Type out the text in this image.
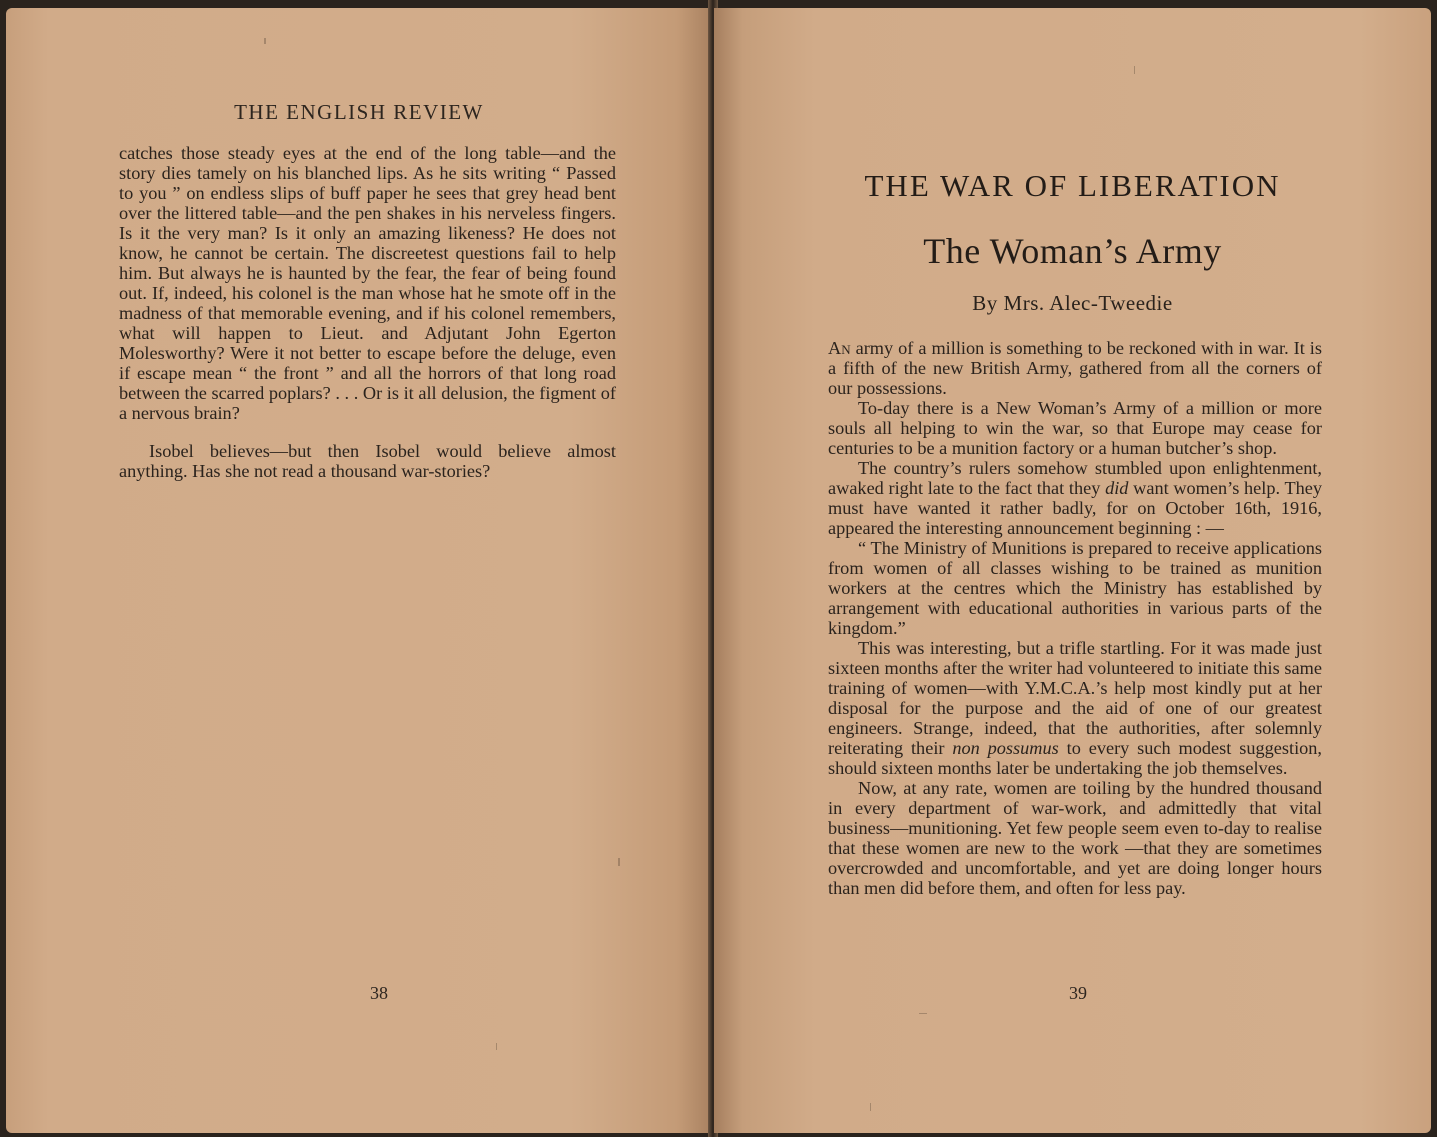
THE ENGLISH REVIEW

catches those steady eyes at the end of the long table—and the story dies tamely on his blanched lips. As he sits writing “ Passed to you ” on endless slips of buff paper he sees that grey head bent over the littered table—and the pen shakes in his nerveless fingers. Is it the very man? Is it only an amazing likeness? He does not know, he cannot be certain. The discreetest questions fail to help him. But always he is haunted by the fear, the fear of being found out. If, indeed, his colonel is the man whose hat he smote off in the madness of that memorable evening, and if his colonel remembers, what will happen to Lieut. and Adjutant John Egerton Molesworthy? Were it not better to escape before the deluge, even if escape mean “ the front ” and all the horrors of that long road between the scarred poplars? . . . Or is it all delusion, the figment of a nervous brain?

Isobel believes—but then Isobel would believe almost anything. Has she not read a thousand war-stories?

38
THE WAR OF LIBERATION
The Woman’s Army
By Mrs. Alec-Tweedie

An army of a million is something to be reckoned with in war. It is a fifth of the new British Army, gathered from all the corners of our possessions.

To-day there is a New Woman’s Army of a million or more souls all helping to win the war, so that Europe may cease for centuries to be a munition factory or a human butcher’s shop.

The country’s rulers somehow stumbled upon enlightenment, awaked right late to the fact that they did want women’s help. They must have wanted it rather badly, for on October 16th, 1916, appeared the interesting announcement beginning : —

“ The Ministry of Munitions is prepared to receive applications from women of all classes wishing to be trained as munition workers at the centres which the Ministry has established by arrangement with educational authorities in various parts of the kingdom.”

This was interesting, but a trifle startling. For it was made just sixteen months after the writer had volunteered to initiate this same training of women—with Y.M.C.A.’s help most kindly put at her disposal for the purpose and the aid of one of our greatest engineers. Strange, indeed, that the authorities, after solemnly reiterating their non possumus to every such modest suggestion, should sixteen months later be undertaking the job themselves.

Now, at any rate, women are toiling by the hundred thousand in every department of war-work, and admittedly that vital business—munitioning. Yet few people seem even to-day to realise that these women are new to the work —that they are sometimes overcrowded and uncomfortable, and yet are doing longer hours than men did before them, and often for less pay.

39
